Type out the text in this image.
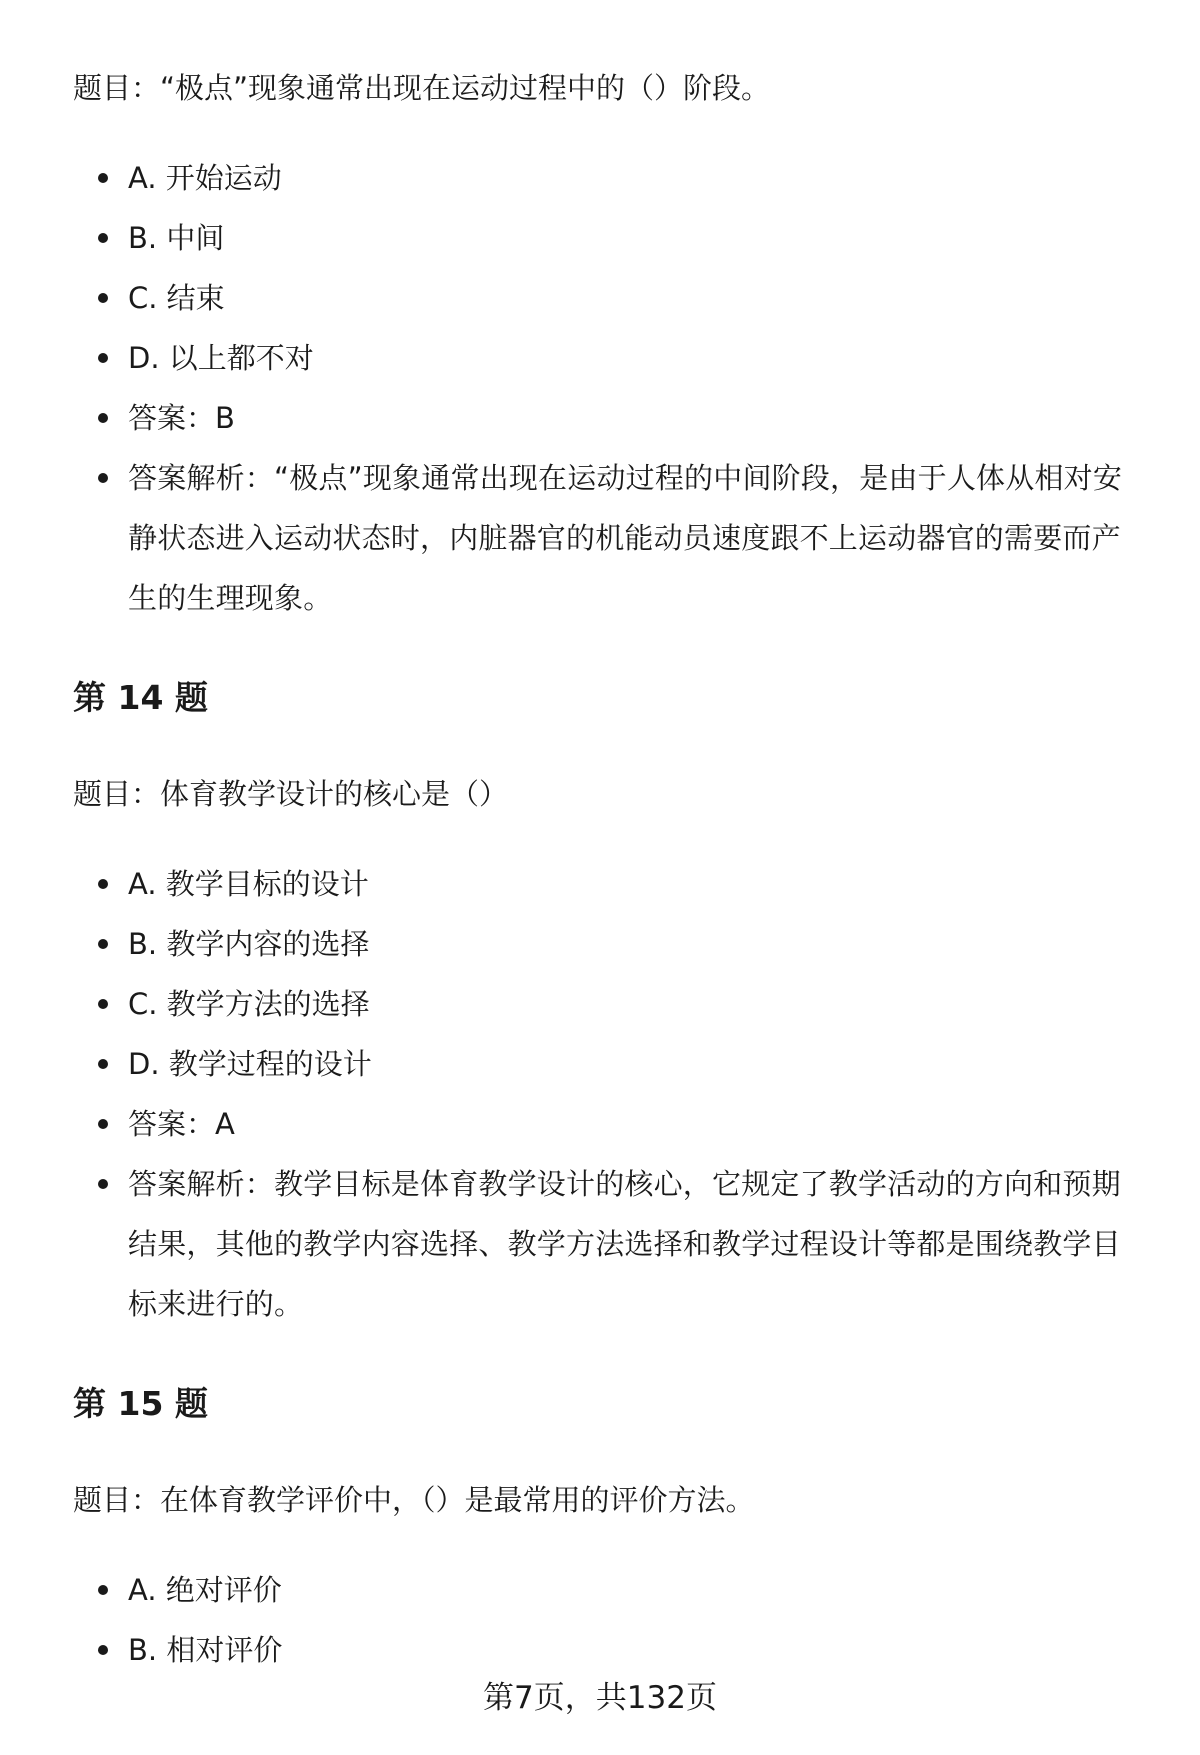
题目：“极点”现象通常出现在运动过程中的（）阶段。

A. 开始运动
B. 中间
C. 结束
D. 以上都不对
答案：B
答案解析：“极点”现象通常出现在运动过程的中间阶段，是由于人体从相对安静状态进入运动状态时，内脏器官的机能动员速度跟不上运动器官的需要而产生的生理现象。
第 14 题

题目：体育教学设计的核心是（）

A. 教学目标的设计
B. 教学内容的选择
C. 教学方法的选择
D. 教学过程的设计
答案：A
答案解析：教学目标是体育教学设计的核心，它规定了教学活动的方向和预期结果，其他的教学内容选择、教学方法选择和教学过程设计等都是围绕教学目标来进行的。
第 15 题

题目：在体育教学评价中，（）是最常用的评价方法。

A. 绝对评价
B. 相对评价
第7页，共132页
